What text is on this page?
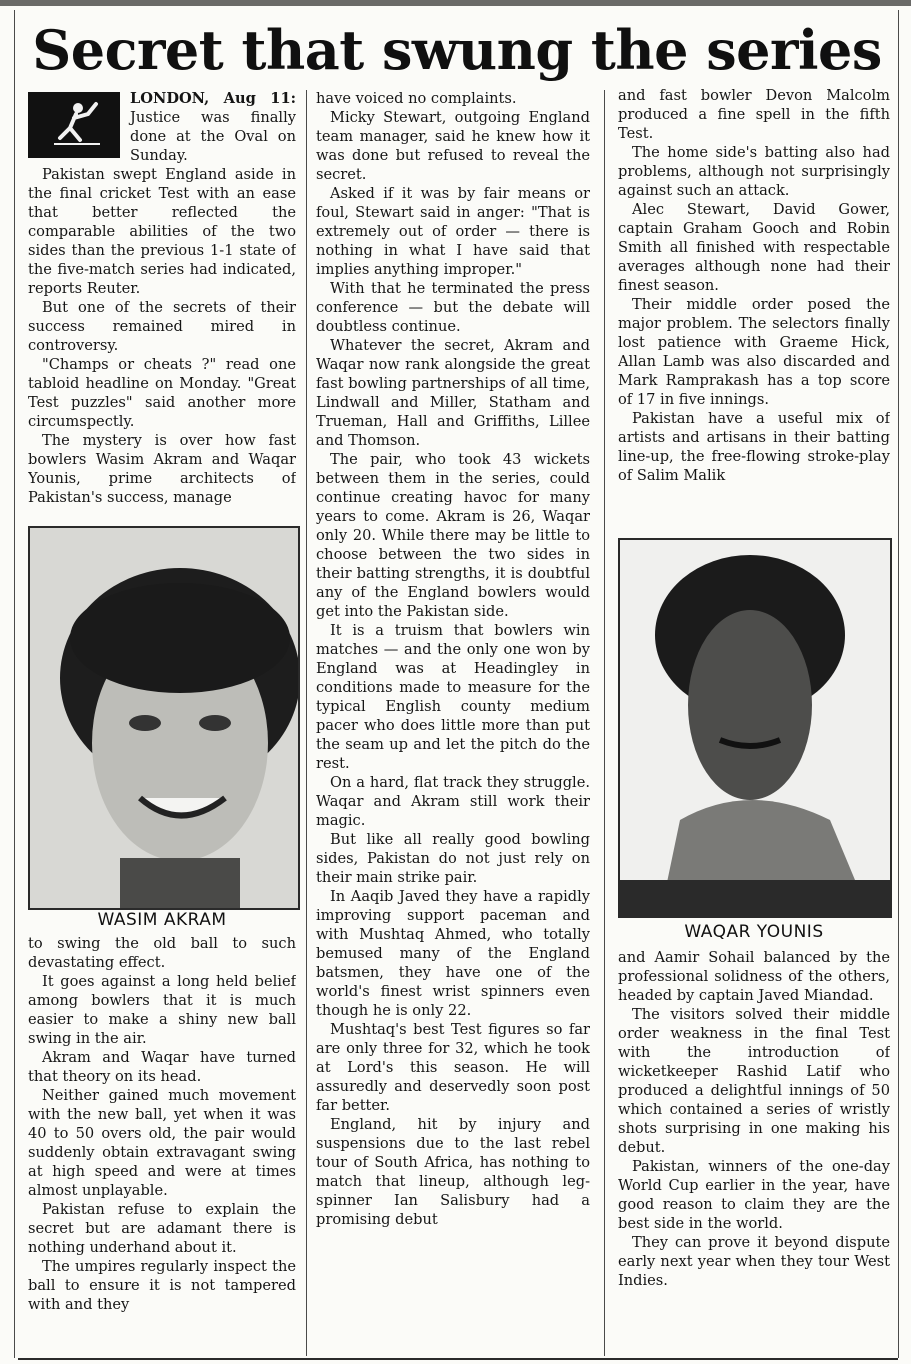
Secret that swung the series

LONDON, Aug 11: Justice was finally done at the Oval on Sunday.

Pakistan swept England aside in the final cricket Test with an ease that better reflected the comparable abilities of the two sides than the previous 1-1 state of the five-match series had indicated, reports Reuter.

But one of the secrets of their success remained mired in controversy.

"Champs or cheats ?" read one tabloid headline on Monday. "Great Test puzzles" said another more circumspectly.

The mystery is over how fast bowlers Wasim Akram and Waqar Younis, prime architects of Pakistan's success, manage

WASIM AKRAM

to swing the old ball to such devastating effect.

It goes against a long held belief among bowlers that it is much easier to make a shiny new ball swing in the air.

Akram and Waqar have turned that theory on its head.

Neither gained much movement with the new ball, yet when it was 40 to 50 overs old, the pair would suddenly obtain extravagant swing at high speed and were at times almost unplayable.

Pakistan refuse to explain the secret but are adamant there is nothing underhand about it.

The umpires regularly inspect the ball to ensure it is not tampered with and they

have voiced no complaints.

Micky Stewart, outgoing England team manager, said he knew how it was done but refused to reveal the secret.

Asked if it was by fair means or foul, Stewart said in anger: "That is extremely out of order — there is nothing in what I have said that implies anything improper."

With that he terminated the press conference — but the debate will doubtless continue.

Whatever the secret, Akram and Waqar now rank alongside the great fast bowling partnerships of all time, Lindwall and Miller, Statham and Trueman, Hall and Griffiths, Lillee and Thomson.

The pair, who took 43 wickets between them in the series, could continue creating havoc for many years to come. Akram is 26, Waqar only 20. While there may be little to choose between the two sides in their batting strengths, it is doubtful any of the England bowlers would get into the Pakistan side.

It is a truism that bowlers win matches — and the only one won by England was at Headingley in conditions made to measure for the typical English county medium pacer who does little more than put the seam up and let the pitch do the rest.

On a hard, flat track they struggle. Waqar and Akram still work their magic.

But like all really good bowling sides, Pakistan do not just rely on their main strike pair.

In Aaqib Javed they have a rapidly improving support paceman and with Mushtaq Ahmed, who totally bemused many of the England batsmen, they have one of the world's finest wrist spinners even though he is only 22.

Mushtaq's best Test figures so far are only three for 32, which he took at Lord's this season. He will assuredly and deservedly soon post far better.

England, hit by injury and suspensions due to the last rebel tour of South Africa, has nothing to match that lineup, although leg-spinner Ian Salisbury had a promising debut

and fast bowler Devon Malcolm produced a fine spell in the fifth Test.

The home side's batting also had problems, although not surprisingly against such an attack.

Alec Stewart, David Gower, captain Graham Gooch and Robin Smith all finished with respectable averages although none had their finest season.

Their middle order posed the major problem. The selectors finally lost patience with Graeme Hick, Allan Lamb was also discarded and Mark Ramprakash has a top score of 17 in five innings.

Pakistan have a useful mix of artists and artisans in their batting line-up, the free-flowing stroke-play of Salim Malik

WAQAR YOUNIS

and Aamir Sohail balanced by the professional solidness of the others, headed by captain Javed Miandad.

The visitors solved their middle order weakness in the final Test with the introduction of wicketkeeper Rashid Latif who produced a delightful innings of 50 which contained a series of wristly shots surprising in one making his debut.

Pakistan, winners of the one-day World Cup earlier in the year, have good reason to claim they are the best side in the world.

They can prove it beyond dispute early next year when they tour West Indies.
